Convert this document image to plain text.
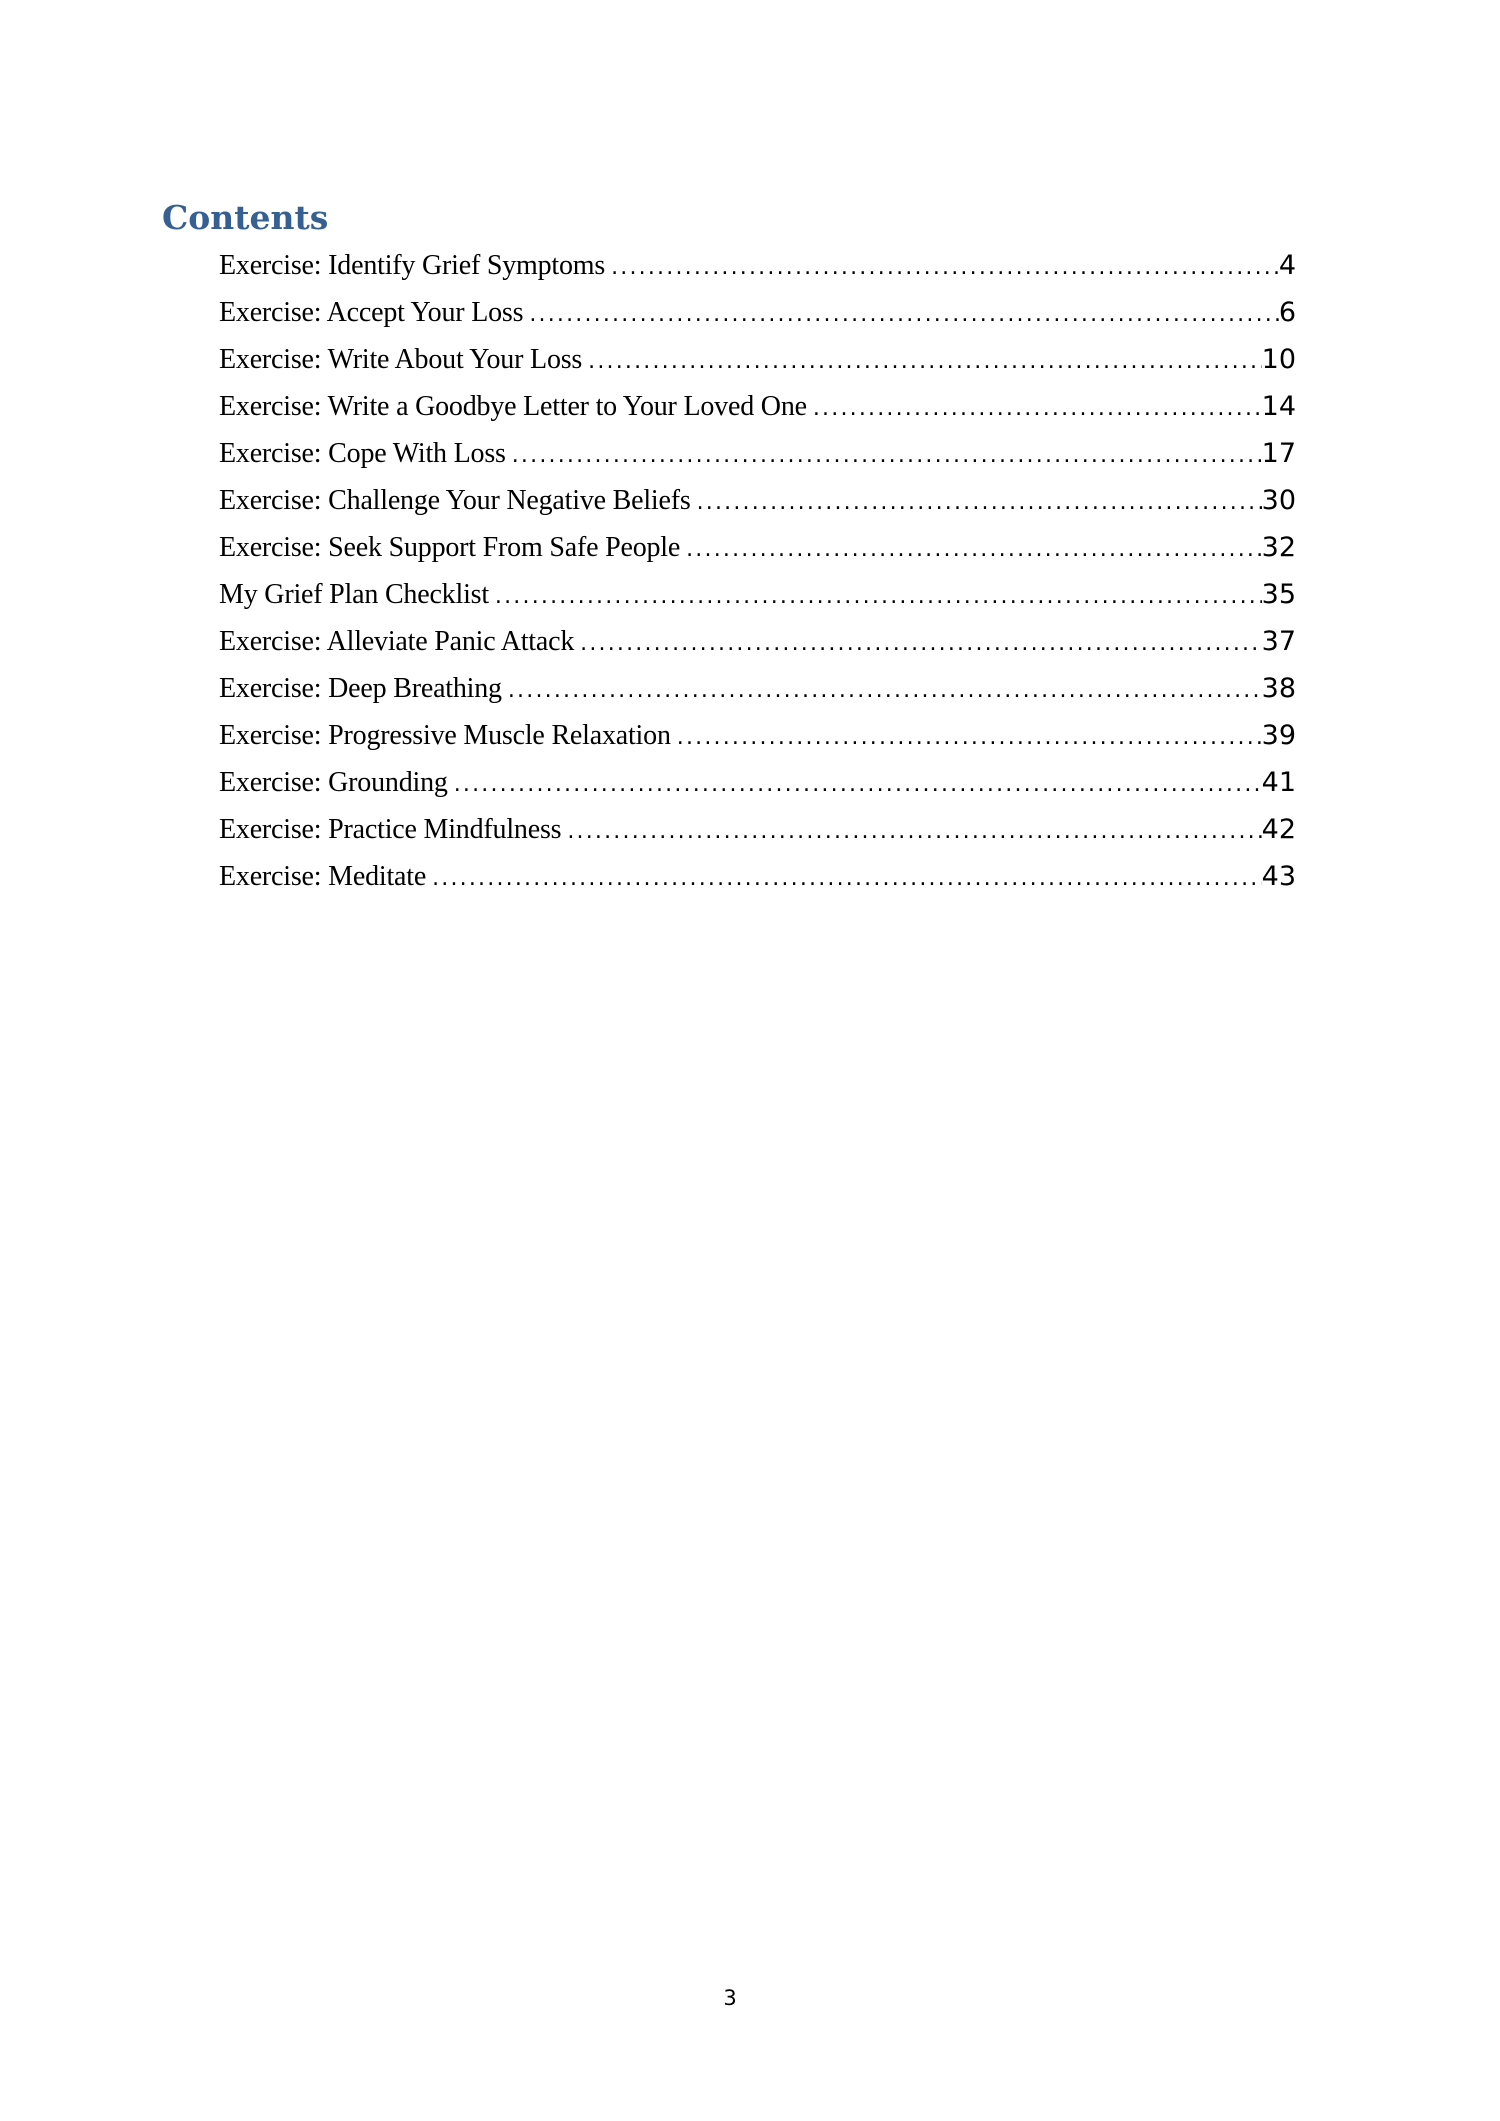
Contents
Exercise: Identify Grief Symptoms .....	4
Exercise: Accept Your Loss .....	6
Exercise: Write About Your Loss .....	10
Exercise: Write a Goodbye Letter to Your Loved One .....	14
Exercise: Cope With Loss .....	17
Exercise: Challenge Your Negative Beliefs .....	30
Exercise: Seek Support From Safe People .....	32
My Grief Plan Checklist .....	35
Exercise: Alleviate Panic Attack .....	37
Exercise: Deep Breathing .....	38
Exercise: Progressive Muscle Relaxation .....	39
Exercise: Grounding .....	41
Exercise: Practice Mindfulness .....	42
Exercise: Meditate .....	43
3
